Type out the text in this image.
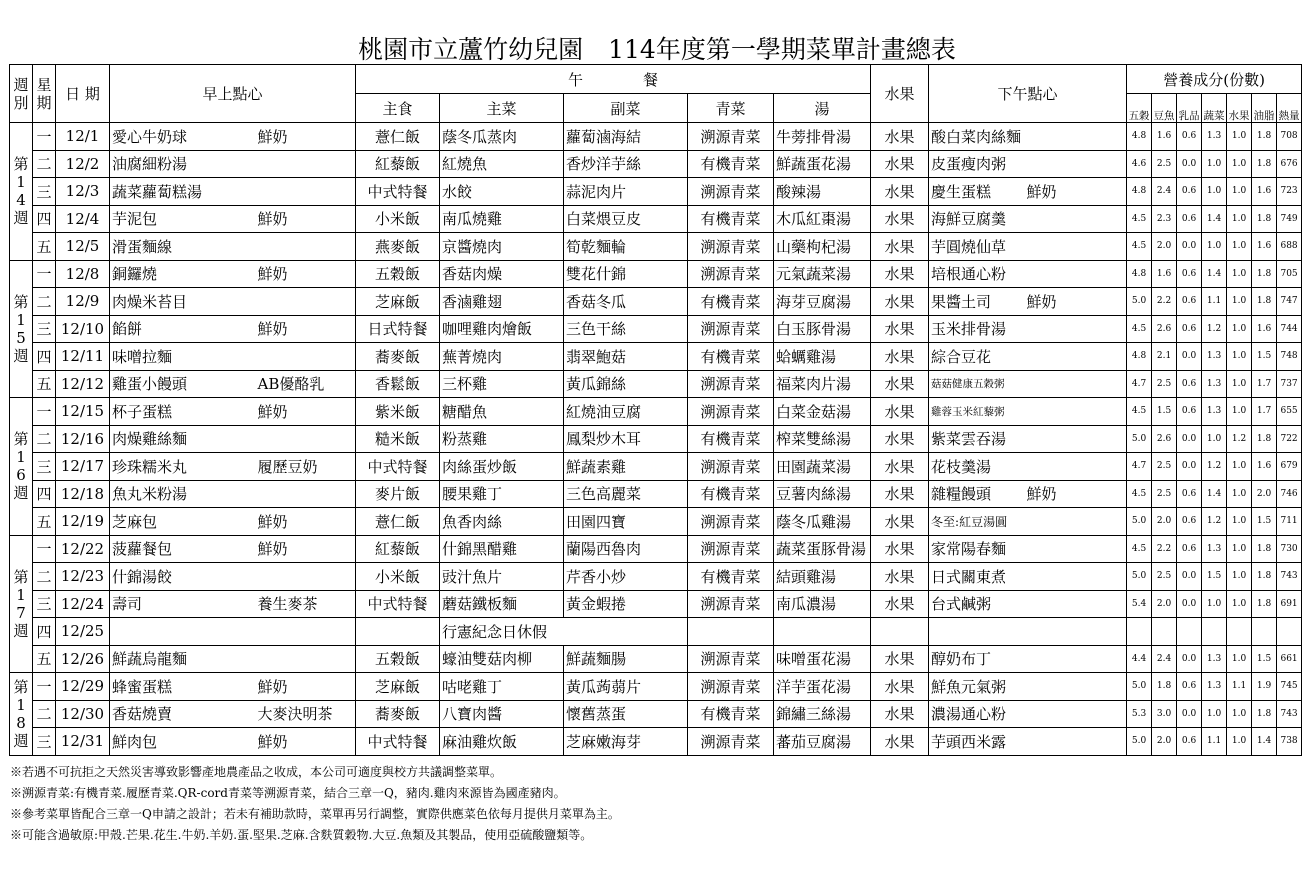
桃園市立蘆竹幼兒園　114年度第一學期菜單計畫總表
週別	星期	日 期	早上點心		午　　　　餐					水果	下午點心		營養成分(份數)						
					主食	主菜	副菜	青菜	湯				五穀	豆魚	乳品	蔬菜	水果	油脂	熱量
第14週	一	12/1	愛心牛奶球	鮮奶	薏仁飯	蔭冬瓜蒸肉	蘿蔔滷海結	溯源青菜	牛蒡排骨湯	水果	酸白菜肉絲麵		4.8	1.6	0.6	1.3	1.0	1.8	708
	二	12/2	油腐細粉湯		紅藜飯	紅燒魚	香炒洋芋絲	有機青菜	鮮蔬蛋花湯	水果	皮蛋瘦肉粥		4.6	2.5	0.0	1.0	1.0	1.8	676
	三	12/3	蔬菜蘿蔔糕湯		中式特餐	水餃	蒜泥肉片	溯源青菜	酸辣湯	水果	慶生蛋糕	鮮奶	4.8	2.4	0.6	1.0	1.0	1.6	723
	四	12/4	芋泥包	鮮奶	小米飯	南瓜燒雞	白菜煨豆皮	有機青菜	木瓜紅棗湯	水果	海鮮豆腐羹		4.5	2.3	0.6	1.4	1.0	1.8	749
	五	12/5	滑蛋麵線		燕麥飯	京醬燒肉	筍乾麵輪	溯源青菜	山藥枸杞湯	水果	芋圓燒仙草		4.5	2.0	0.0	1.0	1.0	1.6	688
第15週	一	12/8	銅鑼燒	鮮奶	五穀飯	香菇肉燥	雙花什錦	溯源青菜	元氣蔬菜湯	水果	培根通心粉		4.8	1.6	0.6	1.4	1.0	1.8	705
	二	12/9	肉燥米苔目		芝麻飯	香滷雞翅	香菇冬瓜	有機青菜	海芽豆腐湯	水果	果醬土司	鮮奶	5.0	2.2	0.6	1.1	1.0	1.8	747
	三	12/10	餡餅	鮮奶	日式特餐	咖哩雞肉燴飯	三色干絲	溯源青菜	白玉豚骨湯	水果	玉米排骨湯		4.5	2.6	0.6	1.2	1.0	1.6	744
	四	12/11	味噌拉麵		蕎麥飯	蕪菁燒肉	翡翠鮑菇	有機青菜	蛤蠣雞湯	水果	綜合豆花		4.8	2.1	0.0	1.3	1.0	1.5	748
	五	12/12	雞蛋小饅頭	AB優酪乳	香鬆飯	三杯雞	黃瓜錦絲	溯源青菜	福菜肉片湯	水果	菇菇健康五穀粥		4.7	2.5	0.6	1.3	1.0	1.7	737
第16週	一	12/15	杯子蛋糕	鮮奶	紫米飯	糖醋魚	紅燒油豆腐	溯源青菜	白菜金菇湯	水果	雞蓉玉米紅藜粥		4.5	1.5	0.6	1.3	1.0	1.7	655
	二	12/16	肉燥雞絲麵		糙米飯	粉蒸雞	鳳梨炒木耳	有機青菜	榨菜雙絲湯	水果	紫菜雲吞湯		5.0	2.6	0.0	1.0	1.2	1.8	722
	三	12/17	珍珠糯米丸	履歷豆奶	中式特餐	肉絲蛋炒飯	鮮蔬素雞	溯源青菜	田園蔬菜湯	水果	花枝羹湯		4.7	2.5	0.0	1.2	1.0	1.6	679
	四	12/18	魚丸米粉湯		麥片飯	腰果雞丁	三色高麗菜	有機青菜	豆薯肉絲湯	水果	雜糧饅頭	鮮奶	4.5	2.5	0.6	1.4	1.0	2.0	746
	五	12/19	芝麻包	鮮奶	薏仁飯	魚香肉絲	田園四寶	溯源青菜	蔭冬瓜雞湯	水果	冬至:紅豆湯圓		5.0	2.0	0.6	1.2	1.0	1.5	711
第17週	一	12/22	菠蘿餐包	鮮奶	紅藜飯	什錦黑醋雞	蘭陽西魯肉	溯源青菜	蔬菜蛋豚骨湯	水果	家常陽春麵		4.5	2.2	0.6	1.3	1.0	1.8	730
	二	12/23	什錦湯餃		小米飯	豉汁魚片	芹香小炒	有機青菜	結頭雞湯	水果	日式關東煮		5.0	2.5	0.0	1.5	1.0	1.8	743
	三	12/24	壽司	養生麥茶	中式特餐	蘑菇鐵板麵	黃金蝦捲	溯源青菜	南瓜濃湯	水果	台式鹹粥		5.4	2.0	0.0	1.0	1.0	1.8	691
	四	12/25				行憲紀念日休假													
	五	12/26	鮮蔬烏龍麵		五穀飯	蠔油雙菇肉柳	鮮蔬麵腸	溯源青菜	味噌蛋花湯	水果	醇奶布丁		4.4	2.4	0.0	1.3	1.0	1.5	661
第18週	一	12/29	蜂蜜蛋糕	鮮奶	芝麻飯	咕咾雞丁	黃瓜蒟蒻片	溯源青菜	洋芋蛋花湯	水果	鮮魚元氣粥		5.0	1.8	0.6	1.3	1.1	1.9	745
	二	12/30	香菇燒賣	大麥決明茶	蕎麥飯	八寶肉醬	懷舊蒸蛋	有機青菜	錦繡三絲湯	水果	濃湯通心粉		5.3	3.0	0.0	1.0	1.0	1.8	743
	三	12/31	鮮肉包	鮮奶	中式特餐	麻油雞炊飯	芝麻嫩海芽	溯源青菜	蕃茄豆腐湯	水果	芋頭西米露		5.0	2.0	0.6	1.1	1.0	1.4	738
※若遇不可抗拒之天然災害導致影響產地農產品之收成，本公司可適度與校方共議調整菜單。
※溯源青菜:有機青菜.履歷青菜.QR-cord青菜等溯源青菜，結合三章一Q，豬肉.雞肉來源皆為國產豬肉。
※參考菜單皆配合三章一Q申請之設計；若未有補助款時，菜單再另行調整，實際供應菜色依每月提供月菜單為主。
※可能含過敏原:甲殼.芒果.花生.牛奶.羊奶.蛋.堅果.芝麻.含麩質穀物.大豆.魚類及其製品，使用亞硫酸鹽類等。
